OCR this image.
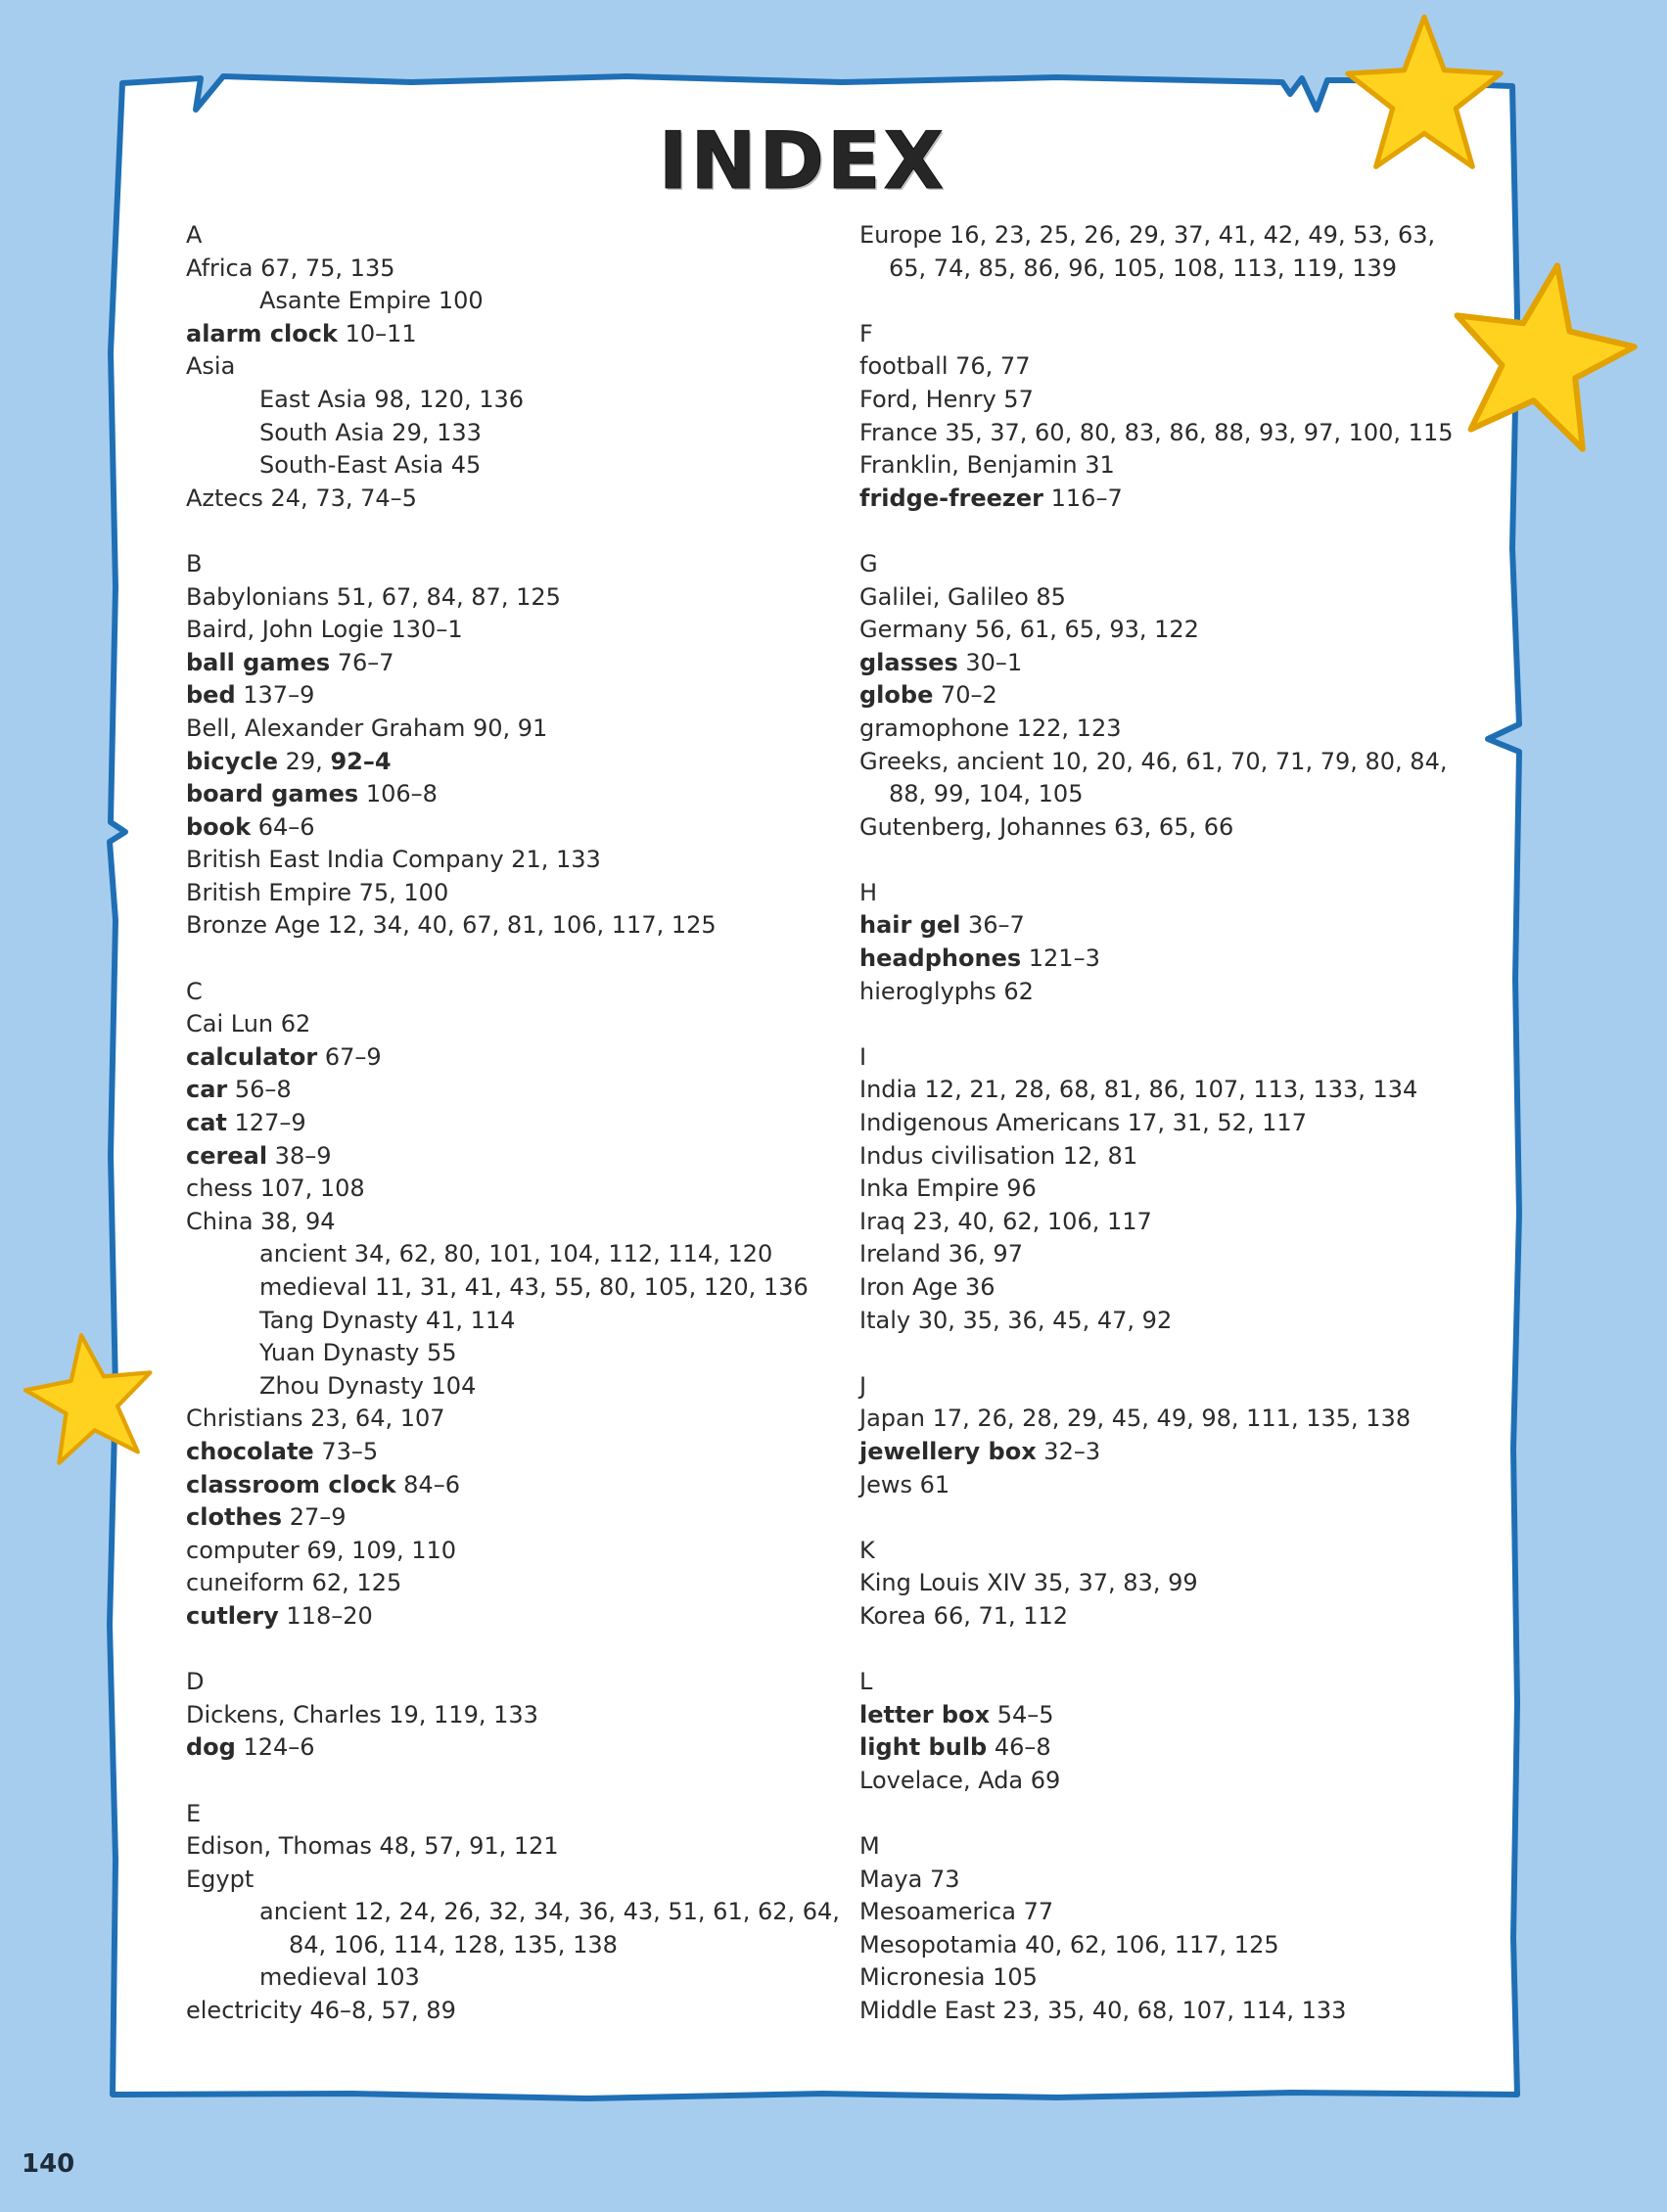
INDEX
A
Africa 67, 75, 135
Asante Empire 100
alarm clock 10–11
Asia
East Asia 98, 120, 136
South Asia 29, 133
South-East Asia 45
Aztecs 24, 73, 74–5
B
Babylonians 51, 67, 84, 87, 125
Baird, John Logie 130–1
ball games 76–7
bed 137–9
Bell, Alexander Graham 90, 91
bicycle 29, 92–4
board games 106–8
book 64–6
British East India Company 21, 133
British Empire 75, 100
Bronze Age 12, 34, 40, 67, 81, 106, 117, 125
C
Cai Lun 62
calculator 67–9
car 56–8
cat 127–9
cereal 38–9
chess 107, 108
China 38, 94
ancient 34, 62, 80, 101, 104, 112, 114, 120
medieval 11, 31, 41, 43, 55, 80, 105, 120, 136
Tang Dynasty 41, 114
Yuan Dynasty 55
Zhou Dynasty 104
Christians 23, 64, 107
chocolate 73–5
classroom clock 84–6
clothes 27–9
computer 69, 109, 110
cuneiform 62, 125
cutlery 118–20
D
Dickens, Charles 19, 119, 133
dog 124–6
E
Edison, Thomas 48, 57, 91, 121
Egypt
ancient 12, 24, 26, 32, 34, 36, 43, 51, 61, 62, 64, 84, 106, 114, 128, 135, 138
medieval 103
electricity 46–8, 57, 89
Europe 16, 23, 25, 26, 29, 37, 41, 42, 49, 53, 63, 65, 74, 85, 86, 96, 105, 108, 113, 119, 139
F
football 76, 77
Ford, Henry 57
France 35, 37, 60, 80, 83, 86, 88, 93, 97, 100, 115
Franklin, Benjamin 31
fridge-freezer 116–7
G
Galilei, Galileo 85
Germany 56, 61, 65, 93, 122
glasses 30–1
globe 70–2
gramophone 122, 123
Greeks, ancient 10, 20, 46, 61, 70, 71, 79, 80, 84, 88, 99, 104, 105
Gutenberg, Johannes 63, 65, 66
H
hair gel 36–7
headphones 121–3
hieroglyphs 62
I
India 12, 21, 28, 68, 81, 86, 107, 113, 133, 134
Indigenous Americans 17, 31, 52, 117
Indus civilisation 12, 81
Inka Empire 96
Iraq 23, 40, 62, 106, 117
Ireland 36, 97
Iron Age 36
Italy 30, 35, 36, 45, 47, 92
J
Japan 17, 26, 28, 29, 45, 49, 98, 111, 135, 138
jewellery box 32–3
Jews 61
K
King Louis XIV 35, 37, 83, 99
Korea 66, 71, 112
L
letter box 54–5
light bulb 46–8
Lovelace, Ada 69
M
Maya 73
Mesoamerica 77
Mesopotamia 40, 62, 106, 117, 125
Micronesia 105
Middle East 23, 35, 40, 68, 107, 114, 133
140
